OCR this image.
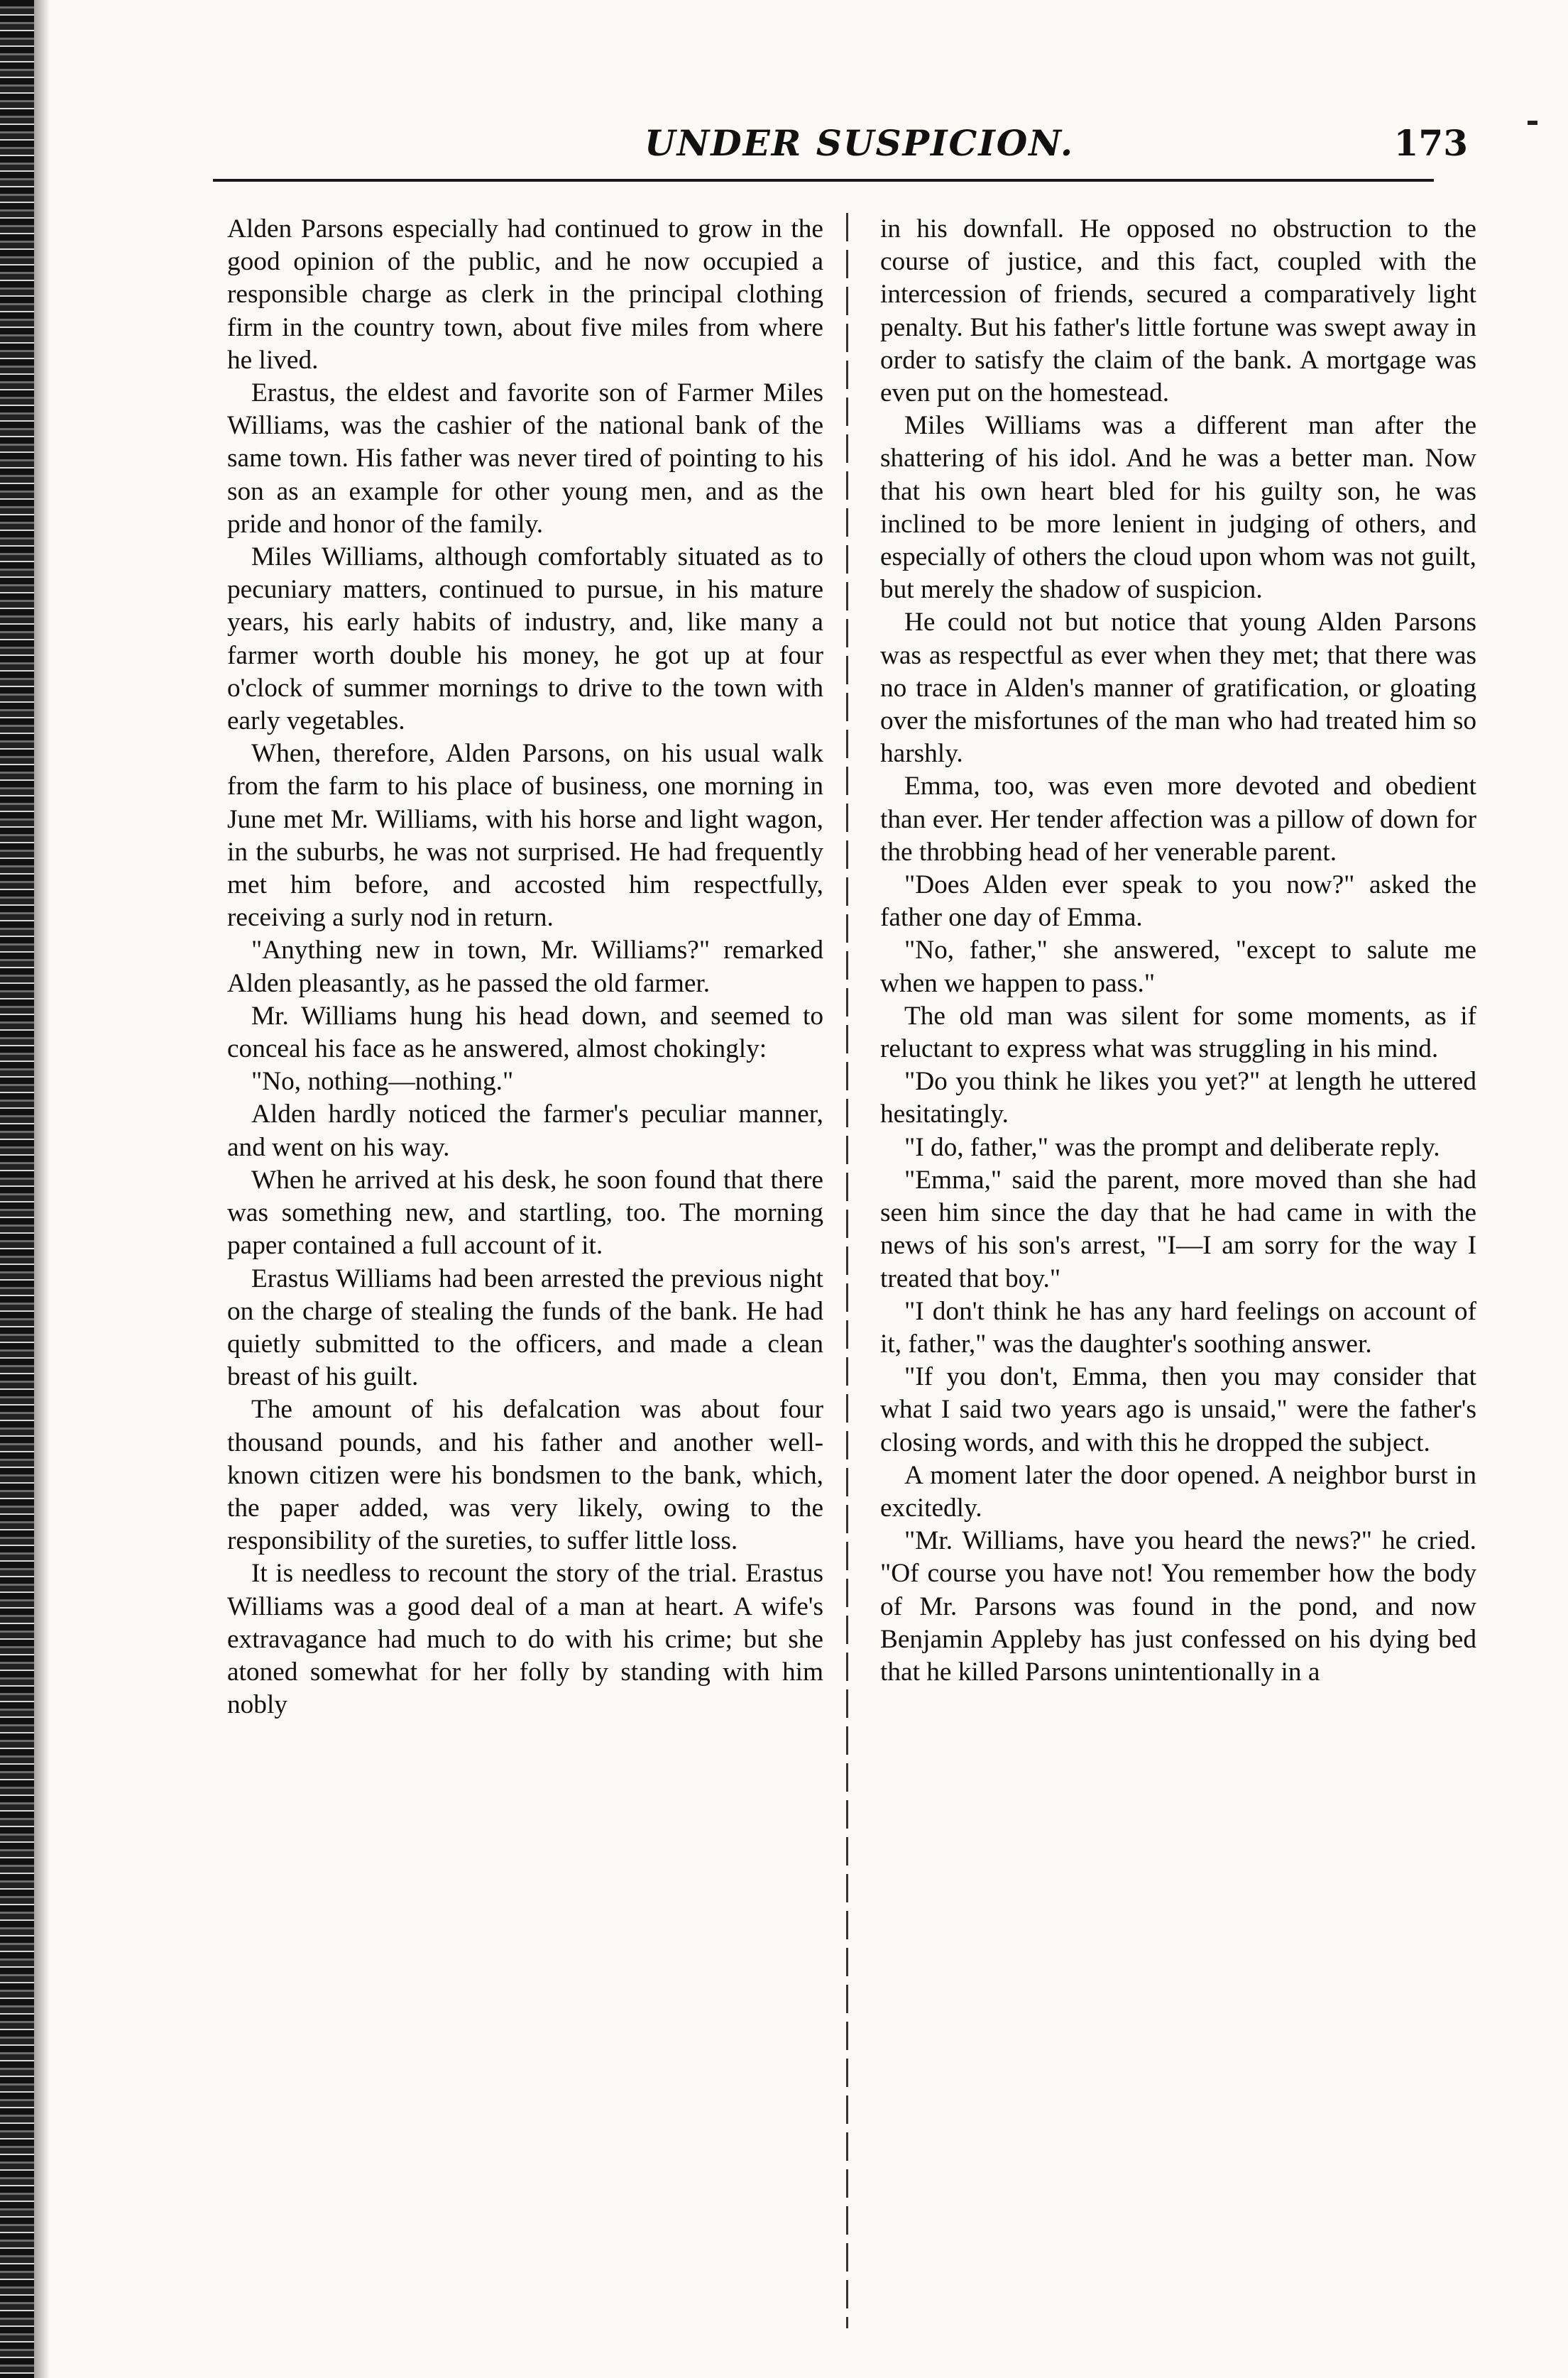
UNDER SUSPICION.	173

Alden Parsons especially had continued to grow in the good opinion of the public, and he now occupied a responsible charge as clerk in the principal clothing firm in the country town, about five miles from where he lived.

Erastus, the eldest and favorite son of Farmer Miles Williams, was the cashier of the national bank of the same town. His father was never tired of pointing to his son as an example for other young men, and as the pride and honor of the family.

Miles Williams, although comfortably situated as to pecuniary matters, continued to pursue, in his mature years, his early habits of industry, and, like many a farmer worth double his money, he got up at four o'clock of summer mornings to drive to the town with early vegetables.

When, therefore, Alden Parsons, on his usual walk from the farm to his place of business, one morning in June met Mr. Williams, with his horse and light wagon, in the suburbs, he was not surprised. He had frequently met him before, and accosted him respectfully, receiving a surly nod in return.

"Anything new in town, Mr. Williams?" remarked Alden pleasantly, as he passed the old farmer.

Mr. Williams hung his head down, and seemed to conceal his face as he answered, almost chokingly:

"No, nothing—nothing."

Alden hardly noticed the farmer's peculiar manner, and went on his way.

When he arrived at his desk, he soon found that there was something new, and startling, too. The morning paper contained a full account of it.

Erastus Williams had been arrested the previous night on the charge of stealing the funds of the bank. He had quietly submitted to the officers, and made a clean breast of his guilt.

The amount of his defalcation was about four thousand pounds, and his father and another well-known citizen were his bondsmen to the bank, which, the paper added, was very likely, owing to the responsibility of the sureties, to suffer little loss.

It is needless to recount the story of the trial. Erastus Williams was a good deal of a man at heart. A wife's extravagance had much to do with his crime; but she atoned somewhat for her folly by standing with him nobly

in his downfall. He opposed no obstruction to the course of justice, and this fact, coupled with the intercession of friends, secured a comparatively light penalty. But his father's little fortune was swept away in order to satisfy the claim of the bank. A mortgage was even put on the homestead.

Miles Williams was a different man after the shattering of his idol. And he was a better man. Now that his own heart bled for his guilty son, he was inclined to be more lenient in judging of others, and especially of others the cloud upon whom was not guilt, but merely the shadow of suspicion.

He could not but notice that young Alden Parsons was as respectful as ever when they met; that there was no trace in Alden's manner of gratification, or gloating over the misfortunes of the man who had treated him so harshly.

Emma, too, was even more devoted and obedient than ever. Her tender affection was a pillow of down for the throbbing head of her venerable parent.

"Does Alden ever speak to you now?" asked the father one day of Emma.

"No, father," she answered, "except to salute me when we happen to pass."

The old man was silent for some moments, as if reluctant to express what was struggling in his mind.

"Do you think he likes you yet?" at length he uttered hesitatingly.

"I do, father," was the prompt and deliberate reply.

"Emma," said the parent, more moved than she had seen him since the day that he had came in with the news of his son's arrest, "I—I am sorry for the way I treated that boy."

"I don't think he has any hard feelings on account of it, father," was the daughter's soothing answer.

"If you don't, Emma, then you may consider that what I said two years ago is unsaid," were the father's closing words, and with this he dropped the subject.

A moment later the door opened. A neighbor burst in excitedly.

"Mr. Williams, have you heard the news?" he cried. "Of course you have not! You remember how the body of Mr. Parsons was found in the pond, and now Benjamin Appleby has just confessed on his dying bed that he killed Parsons unintentionally in a
